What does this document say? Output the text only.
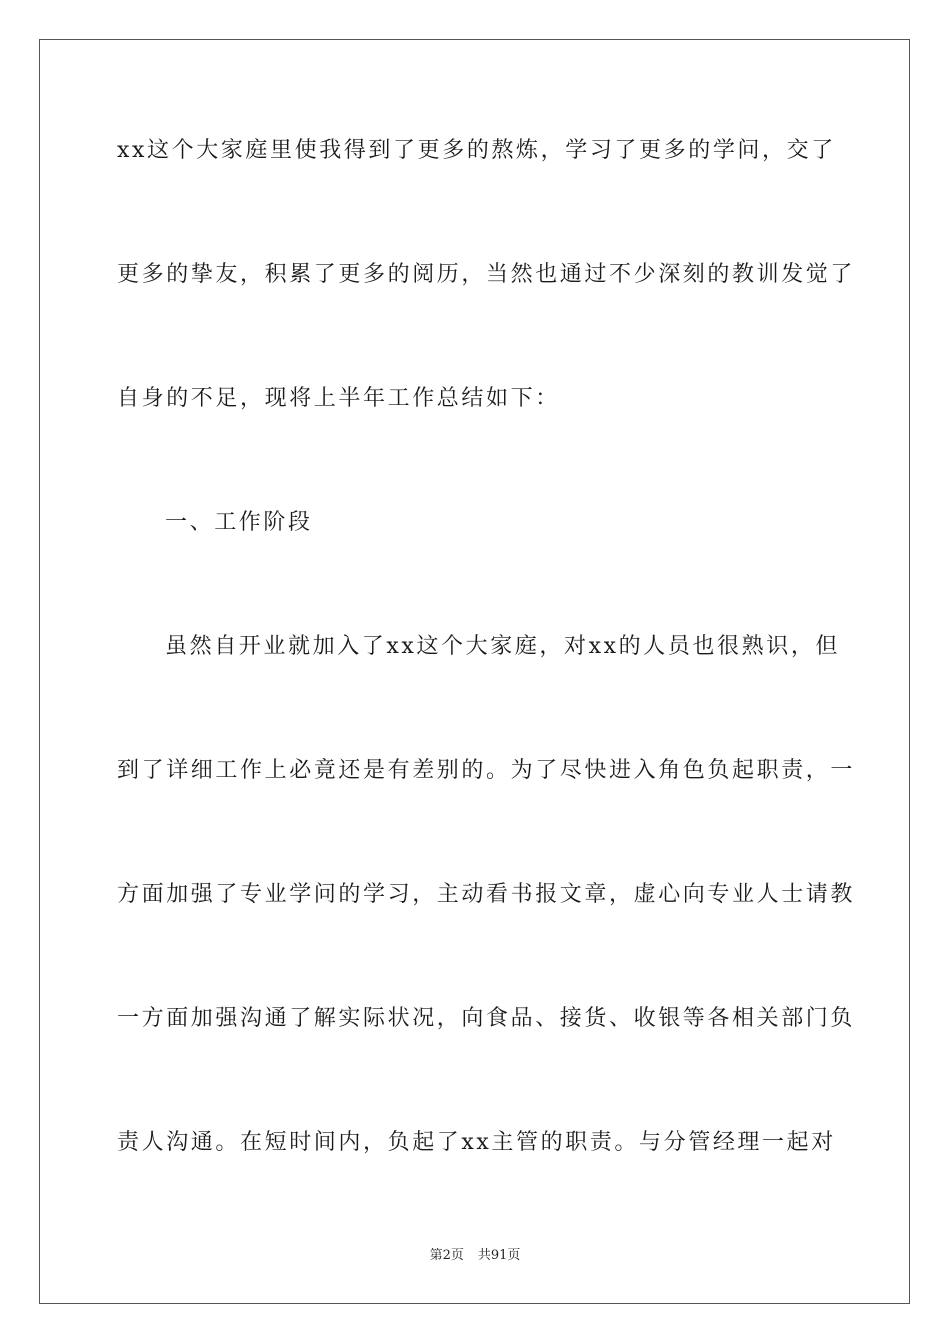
xx这个大家庭里使我得到了更多的熬炼，学习了更多的学问，交了
更多的挚友，积累了更多的阅历，当然也通过不少深刻的教训发觉了
自身的不足，现将上半年工作总结如下：
一、工作阶段
虽然自开业就加入了xx这个大家庭，对xx的人员也很熟识，但
到了详细工作上必竟还是有差别的。为了尽快进入角色负起职责，一
方面加强了专业学问的学习，主动看书报文章，虚心向专业人士请教
一方面加强沟通了解实际状况，向食品、接货、收银等各相关部门负
责人沟通。在短时间内，负起了xx主管的职责。与分管经理一起对
第2页 共91页
